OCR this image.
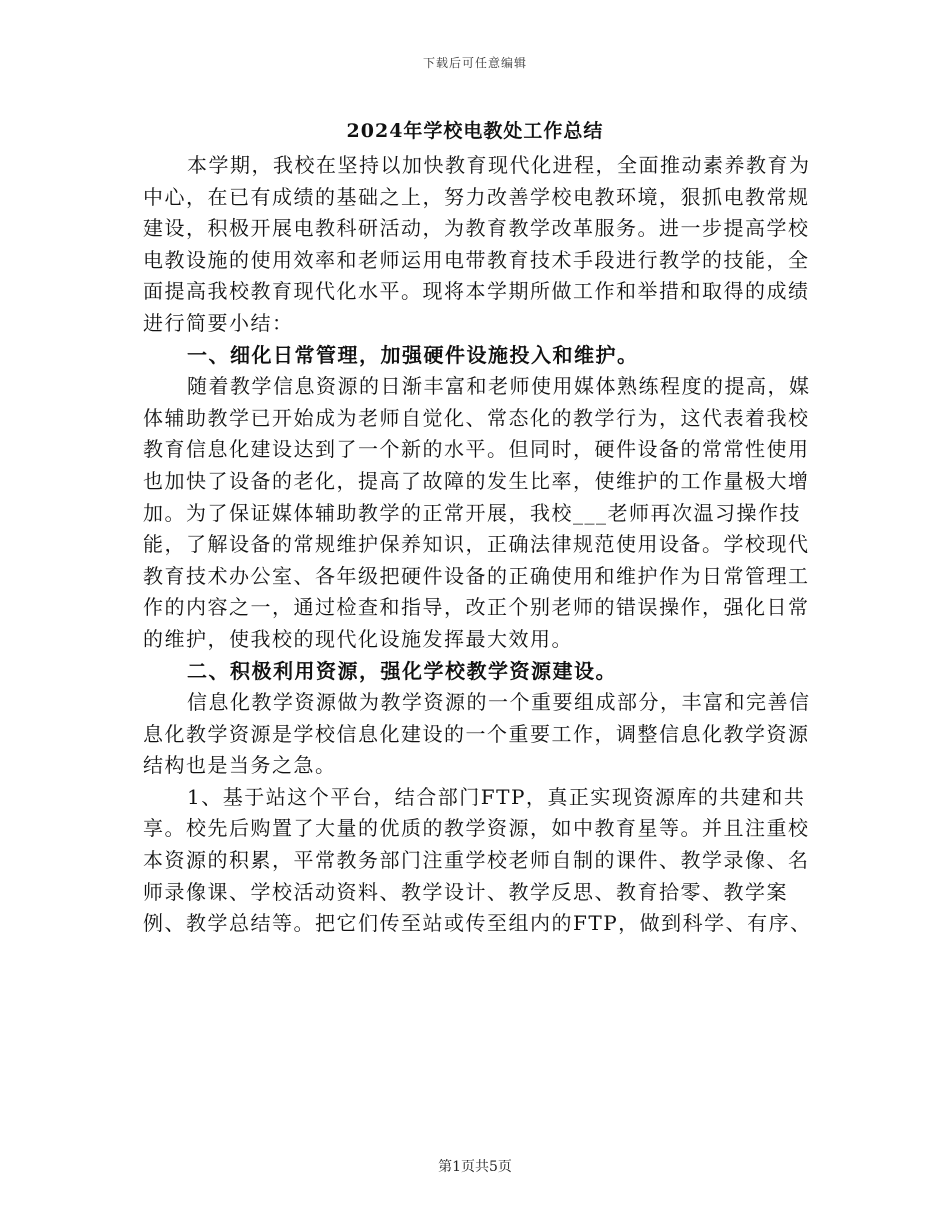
下载后可任意编辑
2024年学校电教处工作总结

本学期，我校在坚持以加快教育现代化进程，全面推动素养教育为中心，在已有成绩的基础之上，努力改善学校电教环境，狠抓电教常规建设，积极开展电教科研活动，为教育教学改革服务。进一步提高学校电教设施的使用效率和老师运用电带教育技术手段进行教学的技能，全面提高我校教育现代化水平。现将本学期所做工作和举措和取得的成绩进行简要小结：

一、细化日常管理，加强硬件设施投入和维护。

随着教学信息资源的日渐丰富和老师使用媒体熟练程度的提高，媒体辅助教学已开始成为老师自觉化、常态化的教学行为，这代表着我校教育信息化建设达到了一个新的水平。但同时，硬件设备的常常性使用也加快了设备的老化，提高了故障的发生比率，使维护的工作量极大增加。为了保证媒体辅助教学的正常开展，我校___老师再次温习操作技能，了解设备的常规维护保养知识，正确法律规范使用设备。学校现代教育技术办公室、各年级把硬件设备的正确使用和维护作为日常管理工作的内容之一，通过检查和指导，改正个别老师的错误操作，强化日常的维护，使我校的现代化设施发挥最大效用。

二、积极利用资源，强化学校教学资源建设。

信息化教学资源做为教学资源的一个重要组成部分，丰富和完善信息化教学资源是学校信息化建设的一个重要工作，调整信息化教学资源结构也是当务之急。

1、基于站这个平台，结合部门FTP，真正实现资源库的共建和共享。校先后购置了大量的优质的教学资源，如中教育星等。并且注重校本资源的积累，平常教务部门注重学校老师自制的课件、教学录像、名师录像课、学校活动资料、教学设计、教学反思、教育拾零、教学案例、教学总结等。把它们传至站或传至组内的FTP，做到科学、有序、

第1页共5页
